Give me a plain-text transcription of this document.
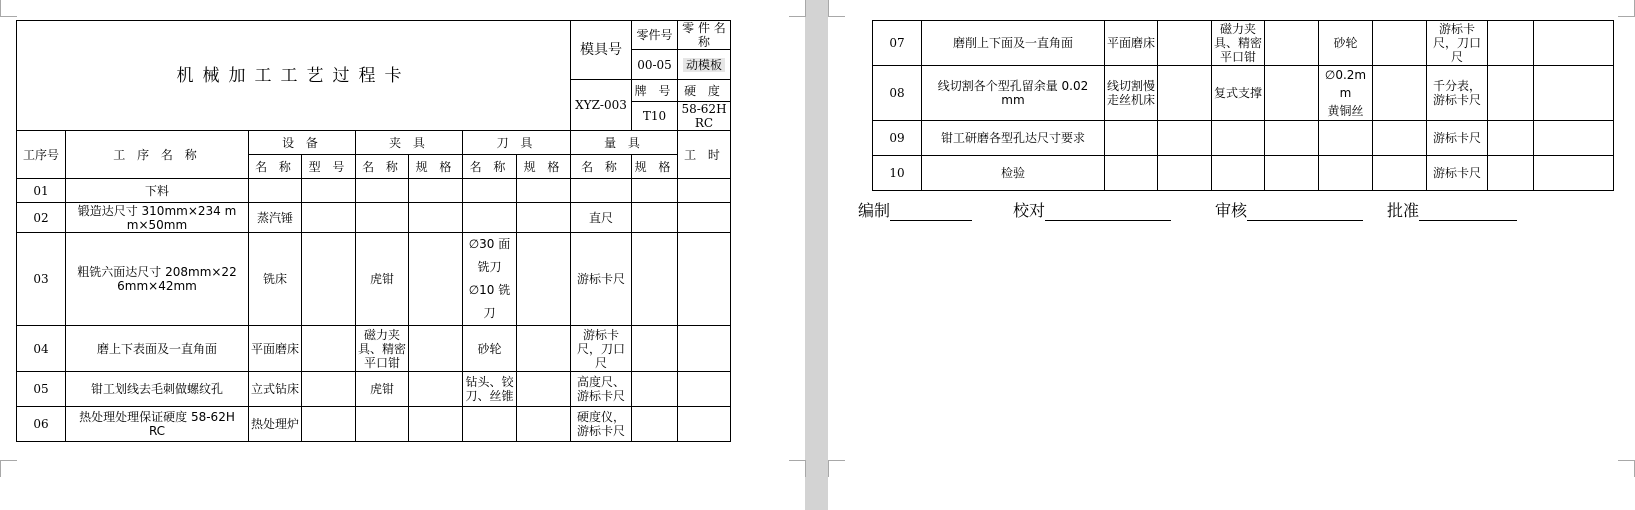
机械加工工艺过程卡								模具号	零件号	零 件 名 称
									00-05	动模板
								XYZ-003	牌 号	硬 度
									T10	58-62HRC
工序号	工 序 名 称	设 备		夹 具		刀 具		量 具		工 时
		名 称	型 号	名 称	规 格	名 称	规 格	名 称	规 格	
01	下料									
02	锻造达尺寸 310mm×234 mm×50mm	蒸汽锤						直尺		
03	粗铣六面达尺寸 208mm×226mm×42mm	铣床		虎钳		∅30 面
铣刀
∅10 铣刀		游标卡尺		
04	磨上下表面及一直角面	平面磨床		磁力夹具、精密平口钳		砂轮		游标卡尺，刀口尺		
05	钳工划线去毛刺做螺纹孔	立式钻床		虎钳		钻头、铰刀、丝锥		高度尺、游标卡尺		
06	热处理处理保证硬度 58-62HRC	热处理炉						硬度仪，游标卡尺		
07	磨削上下面及一直角面	平面磨床		磁力夹具、精密平口钳		砂轮		游标卡尺，刀口尺		
08	线切割各个型孔留余量 0.02mm	线切割慢走丝机床		复式支撑		∅0.2mm
黄铜丝		千分表，游标卡尺		
09	钳工研磨各型孔达尺寸要求							游标卡尺		
10	检验							游标卡尺		
编制	校对	审核	批准
